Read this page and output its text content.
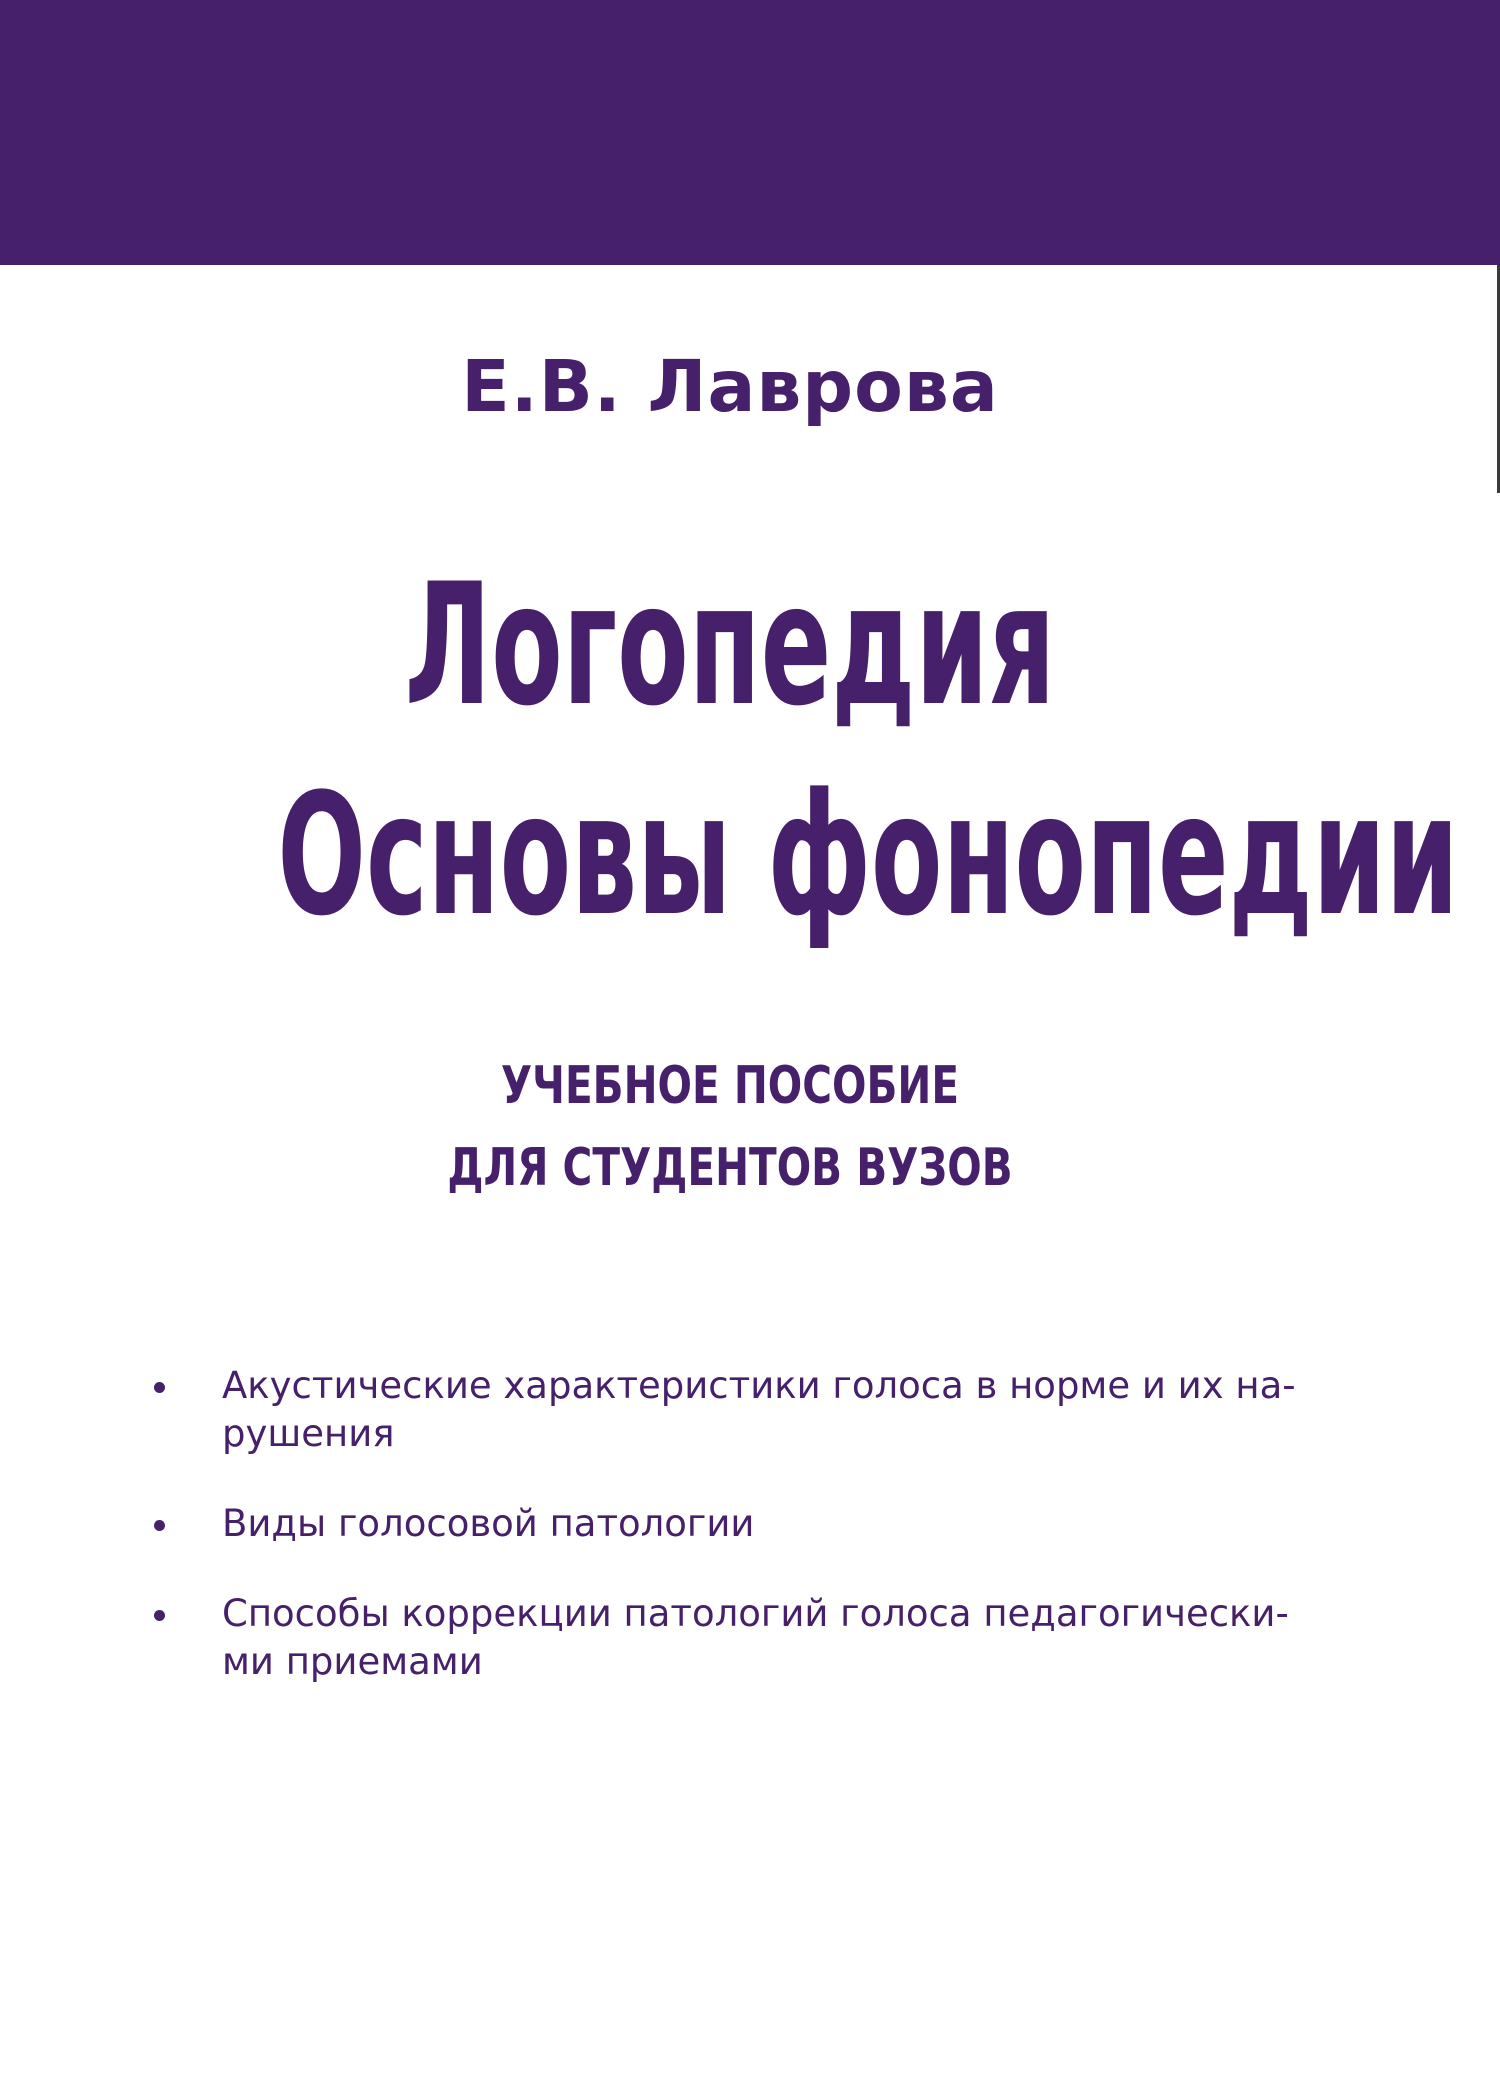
Е.В. Лаврова
Логопедия
Основы фонопедии
УЧЕБНОЕ ПОСОБИЕ
ДЛЯ СТУДЕНТОВ ВУЗОВ
Акустические характеристики голоса в норме и их на-
рушения
Виды голосовой патологии
Способы коррекции патологий голоса педагогически-
ми приемами
